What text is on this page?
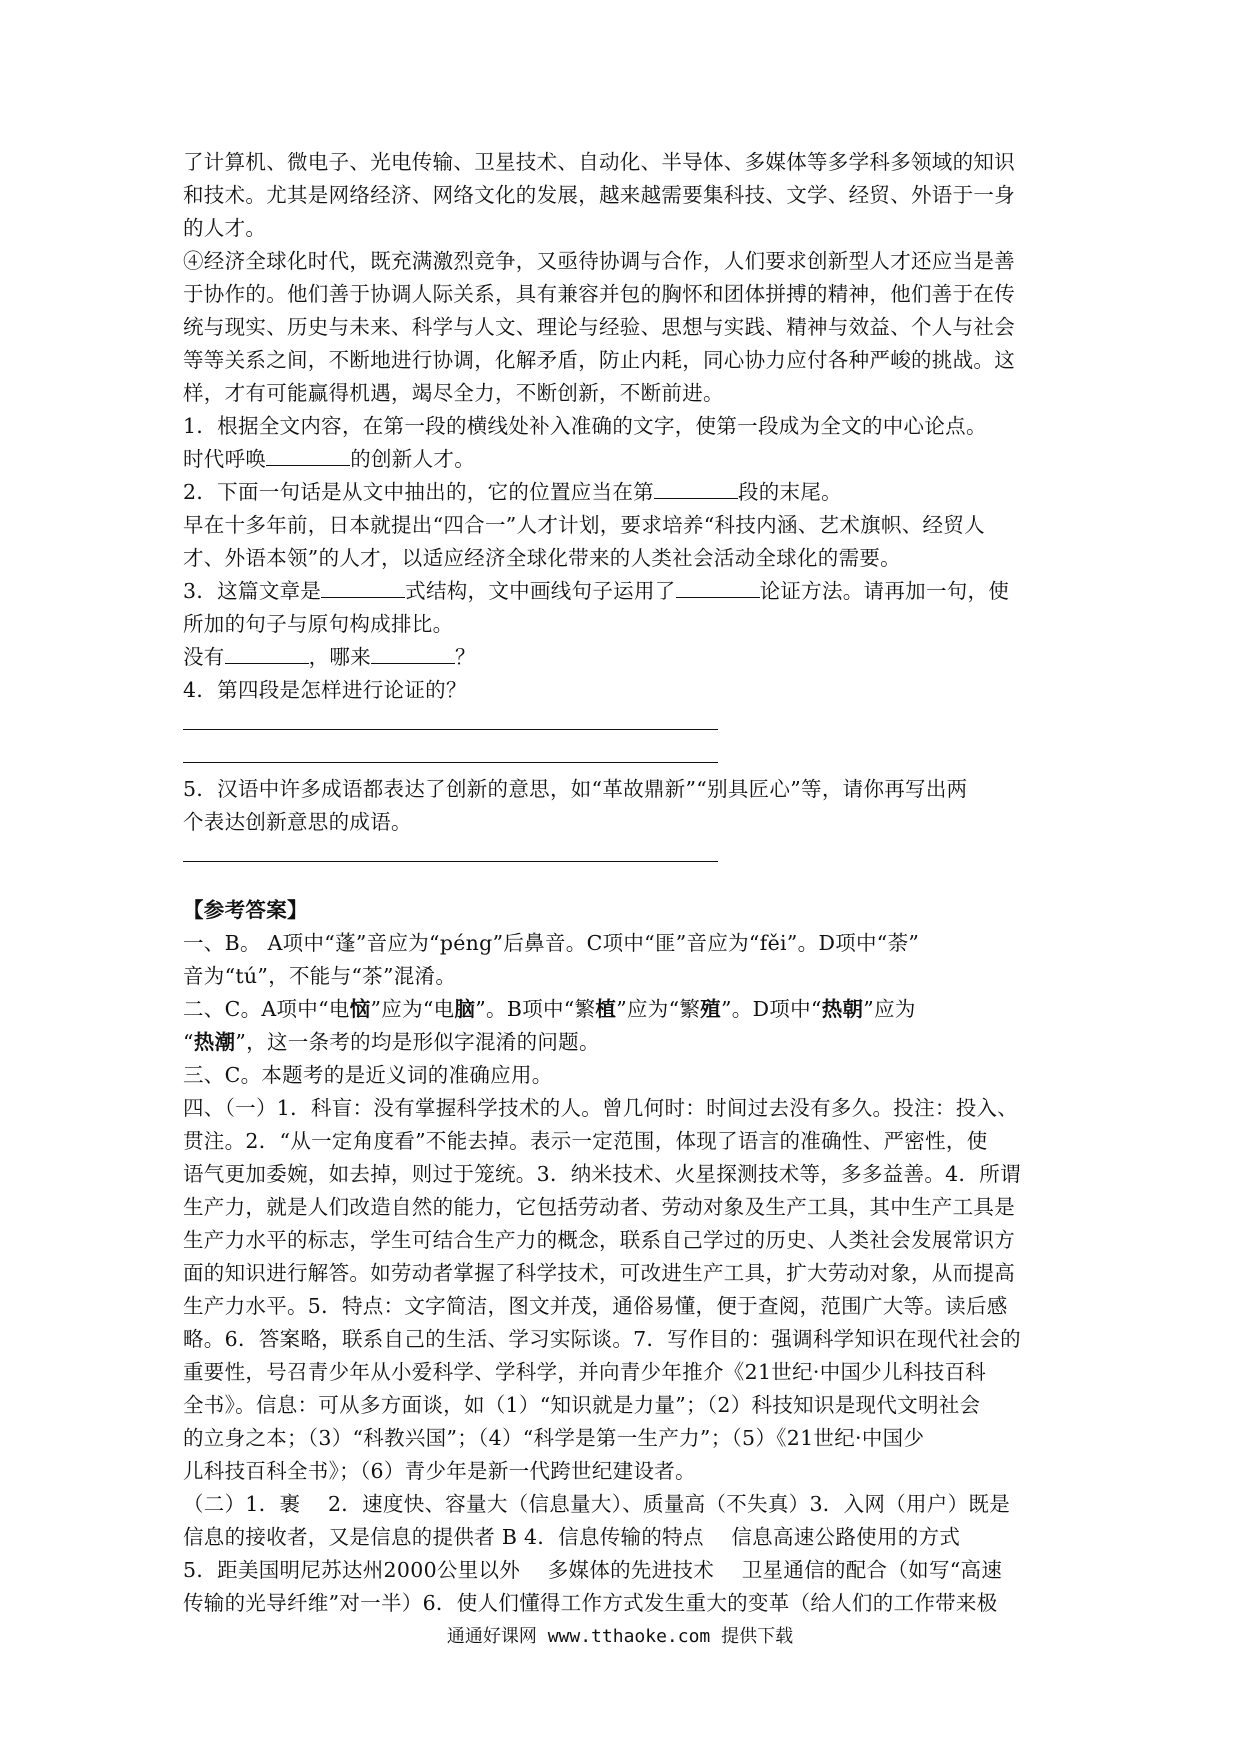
了计算机、微电子、光电传输、卫星技术、自动化、半导体、多媒体等多学科多领域的知识
和技术。尤其是网络经济、网络文化的发展，越来越需要集科技、文学、经贸、外语于一身
的人才。
④经济全球化时代，既充满激烈竞争，又亟待协调与合作，人们要求创新型人才还应当是善
于协作的。他们善于协调人际关系，具有兼容并包的胸怀和团体拼搏的精神，他们善于在传
统与现实、历史与未来、科学与人文、理论与经验、思想与实践、精神与效益、个人与社会
等等关系之间，不断地进行协调，化解矛盾，防止内耗，同心协力应付各种严峻的挑战。这
样，才有可能赢得机遇，竭尽全力，不断创新，不断前进。
1．根据全文内容，在第一段的横线处补入准确的文字，使第一段成为全文的中心论点。
时代呼唤	的创新人才。
2．下面一句话是从文中抽出的，它的位置应当在第	段的末尾。
早在十多年前，日本就提出“四合一”人才计划，要求培养“科技内涵、艺术旗帜、经贸人
才、外语本领”的人才，以适应经济全球化带来的人类社会活动全球化的需要。
3．这篇文章是	式结构，文中画线句子运用了	论证方法。请再加一句，使
所加的句子与原句构成排比。
没有	，哪来	？
4．第四段是怎样进行论证的？
5．汉语中许多成语都表达了创新的意思，如“革故鼎新”“别具匠心”等，请你再写出两
个表达创新意思的成语。
【参考答案】
一、B。 A项中“蓬”音应为“péng”后鼻音。C项中“匪”音应为“fěi”。D项中“荼”
音为“tú”，不能与“茶”混淆。
二、C。A项中“电恼”应为“电脑”。B项中“繁植”应为“繁殖”。D项中“热朝”应为
“热潮”，这一条考的均是形似字混淆的问题。
三、C。本题考的是近义词的准确应用。
四、（一）1．科盲：没有掌握科学技术的人。曾几何时：时间过去没有多久。投注：投入、
贯注。2．“从一定角度看”不能去掉。表示一定范围，体现了语言的准确性、严密性，使
语气更加委婉，如去掉，则过于笼统。3．纳米技术、火星探测技术等，多多益善。4．所谓
生产力，就是人们改造自然的能力，它包括劳动者、劳动对象及生产工具，其中生产工具是
生产力水平的标志，学生可结合生产力的概念，联系自己学过的历史、人类社会发展常识方
面的知识进行解答。如劳动者掌握了科学技术，可改进生产工具，扩大劳动对象，从而提高
生产力水平。5．特点：文字简洁，图文并茂，通俗易懂，便于查阅，范围广大等。读后感
略。6．答案略，联系自己的生活、学习实际谈。7．写作目的：强调科学知识在现代社会的
重要性，号召青少年从小爱科学、学科学，并向青少年推介《21世纪·中国少儿科技百科
全书》。信息：可从多方面谈，如（1）“知识就是力量”；（2）科技知识是现代文明社会
的立身之本；（3）“科教兴国”；（4）“科学是第一生产力”；（5）《21世纪·中国少
儿科技百科全书》；（6）青少年是新一代跨世纪建设者。
（二）1．裹　 2．速度快、容量大（信息量大）、质量高（不失真）3．入网（用户）既是
信息的接收者，又是信息的提供者 B 4．信息传输的特点　 信息高速公路使用的方式
5．距美国明尼苏达州2000公里以外　 多媒体的先进技术　 卫星通信的配合（如写“高速
传输的光导纤维”对一半）6．使人们懂得工作方式发生重大的变革（给人们的工作带来极
通通好课网 www.tthaoke.com 提供下载
